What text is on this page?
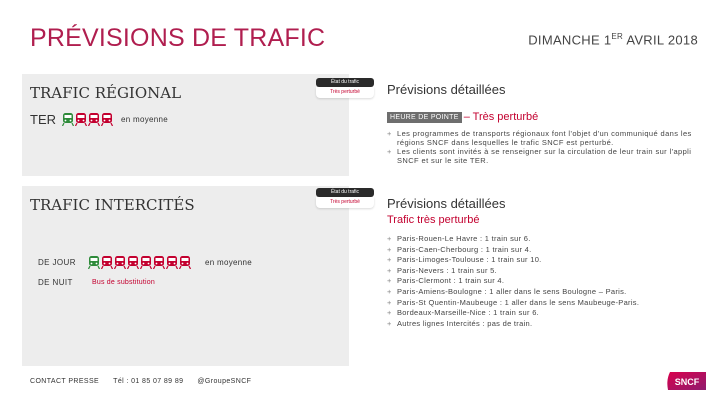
PRÉVISIONS DE TRAFIC	DIMANCHE 1ER AVRIL 2018
TRAFIC RÉGIONAL
État du trafic
Très perturbé
TER	en moyenne
TRAFIC INTERCITÉS
État du trafic
Très perturbé
DE JOUR	en moyenne
DE NUIT	Bus de substitution
Prévisions détaillées
HEURE DE POINTE – Très perturbé
+ Les programmes de transports régionaux font l'objet d'un communiqué dans les régions SNCF dans lesquelles le trafic SNCF est perturbé.
+ Les clients sont invités à se renseigner sur la circulation de leur train sur l'appli SNCF et sur le site TER.
Prévisions détaillées
Trafic très perturbé
+ Paris-Rouen-Le Havre : 1 train sur 6.
+ Paris-Caen-Cherbourg : 1 train sur 4.
+ Paris-Limoges-Toulouse : 1 train sur 10.
+ Paris-Nevers : 1 train sur 5.
+ Paris-Clermont : 1 train sur 4.
+ Paris-Amiens-Boulogne : 1 aller dans le sens Boulogne – Paris.
+ Paris-St Quentin-Maubeuge : 1 aller dans le sens Maubeuge-Paris.
+ Bordeaux-Marseille-Nice : 1 train sur 6.
+ Autres lignes Intercités : pas de train.
CONTACT PRESSE Tél : 01 85 07 89 89 @GroupeSNCF	SNCF
